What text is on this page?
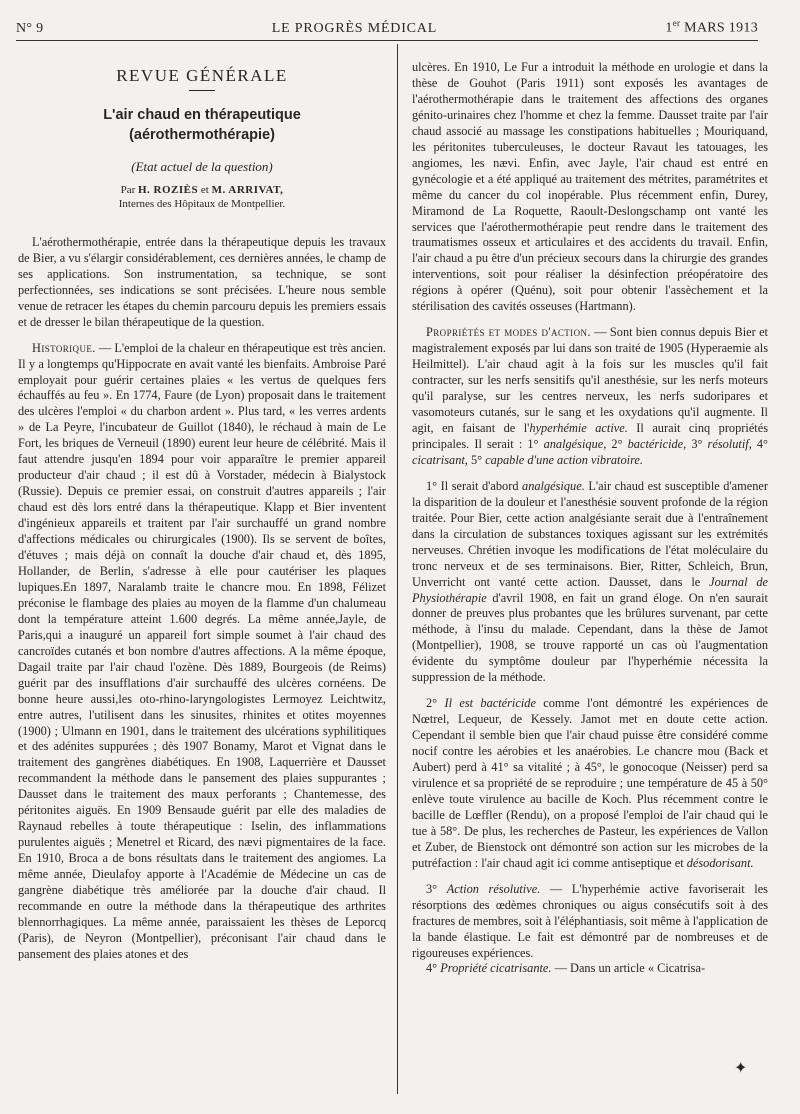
N° 9	LE PROGRÈS MÉDICAL	1er MARS 1913
REVUE GÉNÉRALE
L'air chaud en thérapeutique
(aérothermothérapie)
(Etat actuel de la question)
Par H. ROZIÈS et M. ARRIVAT,
Internes des Hôpitaux de Montpellier.

L'aérothermothérapie, entrée dans la thérapeutique depuis les travaux de Bier, a vu s'élargir considérablement, ces dernières années, le champ de ses applications. Son instrumentation, sa technique, se sont perfectionnées, ses indications se sont précisées. L'heure nous semble venue de retracer les étapes du chemin parcouru depuis les premiers essais et de dresser le bilan thérapeutique de la question.

Historique. — L'emploi de la chaleur en thérapeutique est très ancien. Il y a longtemps qu'Hippocrate en avait vanté les bienfaits. Ambroise Paré employait pour guérir certaines plaies « les vertus de quelques fers échauffés au feu ». En 1774, Faure (de Lyon) proposait dans le traitement des ulcères l'emploi « du charbon ardent ». Plus tard, « les verres ardents » de La Peyre, l'incubateur de Guillot (1840), le réchaud à main de Le Fort, les briques de Verneuil (1890) eurent leur heure de célébrité. Mais il faut attendre jusqu'en 1894 pour voir apparaître le premier appareil producteur d'air chaud ; il est dû à Vorstader, médecin à Bialystock (Russie). Depuis ce premier essai, on construit d'autres appareils ; l'air chaud est dès lors entré dans la thérapeutique. Klapp et Bier inventent d'ingénieux appareils et traitent par l'air surchauffé un grand nombre d'affections médicales ou chirurgicales (1900). Ils se servent de boîtes, d'étuves ; mais déjà on connaît la douche d'air chaud et, dès 1895, Hollander, de Berlin, s'adresse à elle pour cautériser les plaques lupiques.En 1897, Naralamb traite le chancre mou. En 1898, Félizet préconise le flambage des plaies au moyen de la flamme d'un chalumeau dont la température atteint 1.600 degrés. La même année,Jayle, de Paris,qui a inauguré un appareil fort simple soumet à l'air chaud des cancroïdes cutanés et bon nombre d'autres affections. A la même époque, Dagail traite par l'air chaud l'ozène. Dès 1889, Bourgeois (de Reims) guérit par des insufflations d'air surchauffé des ulcères cornéens. De bonne heure aussi,les oto-rhino-laryngologistes Lermoyez Leichtwitz, entre autres, l'utilisent dans les sinusites, rhinites et otites moyennes (1900) ; Ulmann en 1901, dans le traitement des ulcérations syphilitiques et des adénites suppurées ; dès 1907 Bonamy, Marot et Vignat dans le traitement des gangrènes diabétiques. En 1908, Laquerrière et Dausset recommandent la méthode dans le pansement des plaies suppurantes ; Dausset dans le traitement des maux perforants ; Chantemesse, des péritonites aiguës. En 1909 Bensaude guérit par elle des maladies de Raynaud rebelles à toute thérapeutique : Iselin, des inflammations purulentes aiguës ; Menetrel et Ricard, des nævi pigmentaires de la face. En 1910, Broca a de bons résultats dans le traitement des angiomes. La même année, Dieulafoy apporte à l'Académie de Médecine un cas de gangrène diabétique très améliorée par la douche d'air chaud. Il recommande en outre la méthode dans la thérapeutique des arthrites blennorrhagiques. La même année, paraissaient les thèses de Leporcq (Paris), de Neyron (Montpellier), préconisant l'air chaud dans le pansement des plaies atones et des

ulcères. En 1910, Le Fur a introduit la méthode en urologie et dans la thèse de Gouhot (Paris 1911) sont exposés les avantages de l'aérothermothérapie dans le traitement des affections des organes génito-urinaires chez l'homme et chez la femme. Dausset traite par l'air chaud associé au massage les constipations habituelles ; Mouriquand, les péritonites tuberculeuses, le docteur Ravaut les tatouages, les angiomes, les nævi. Enfin, avec Jayle, l'air chaud est entré en gynécologie et a été appliqué au traitement des métrites, paramétrites et même du cancer du col inopérable. Plus récemment enfin, Durey, Miramond de La Roquette, Raoult-Deslongschamp ont vanté les services que l'aérothermothérapie peut rendre dans le traitement des traumatismes osseux et articulaires et des accidents du travail. Enfin, l'air chaud a pu être d'un précieux secours dans la chirurgie des grandes interventions, soit pour réaliser la désinfection préopératoire des régions à opérer (Quénu), soit pour obtenir l'assèchement et la stérilisation des cavités osseuses (Hartmann).

Propriétés et modes d'action. — Sont bien connus depuis Bier et magistralement exposés par lui dans son traité de 1905 (Hyperaemie als Heilmittel). L'air chaud agit à la fois sur les muscles qu'il fait contracter, sur les nerfs sensitifs qu'il anesthésie, sur les nerfs moteurs qu'il paralyse, sur les centres nerveux, les nerfs sudoripares et vasomoteurs cutanés, sur le sang et les oxydations qu'il augmente. Il agit, en faisant de l'hyperhémie active. Il aurait cinq propriétés principales. Il serait : 1° analgésique, 2° bactéricide, 3° résolutif, 4° cicatrisant, 5° capable d'une action vibratoire.

1° Il serait d'abord analgésique. L'air chaud est susceptible d'amener la disparition de la douleur et l'anesthésie souvent profonde de la région traitée. Pour Bier, cette action analgésiante serait due à l'entraînement dans la circulation de substances toxiques agissant sur les extrémités nerveuses. Chrétien invoque les modifications de l'état moléculaire du tronc nerveux et de ses terminaisons. Bier, Ritter, Schleich, Brun, Unverricht ont vanté cette action. Dausset, dans le Journal de Physiothérapie d'avril 1908, en fait un grand éloge. On n'en saurait donner de preuves plus probantes que les brûlures survenant, par cette méthode, à l'insu du malade. Cependant, dans la thèse de Jamot (Montpellier), 1908, se trouve rapporté un cas où l'augmentation évidente du symptôme douleur par l'hyperhémie nécessita la suppression de la méthode.

2° Il est bactéricide comme l'ont démontré les expériences de Nœtrel, Lequeur, de Kessely. Jamot met en doute cette action. Cependant il semble bien que l'air chaud puisse être considéré comme nocif contre les aérobies et les anaérobies. Le chancre mou (Back et Aubert) perd à 41° sa vitalité ; à 45°, le gonocoque (Neisser) perd sa virulence et sa propriété de se reproduire ; une température de 45 à 50° enlève toute virulence au bacille de Koch. Plus récemment contre le bacille de Lœffler (Rendu), on a proposé l'emploi de l'air chaud qui le tue à 58°. De plus, les recherches de Pasteur, les expériences de Vallon et Zuber, de Bienstock ont démontré son action sur les microbes de la putréfaction : l'air chaud agit ici comme antiseptique et désodorisant.

3° Action résolutive. — L'hyperhémie active favoriserait les résorptions des œdèmes chroniques ou aigus consécutifs soit à des fractures de membres, soit à l'éléphantiasis, soit même à l'application de la bande élastique. Le fait est démontré par de nombreuses et de rigoureuses expériences.

4° Propriété cicatrisante. — Dans un article « Cicatrisa-

✦
